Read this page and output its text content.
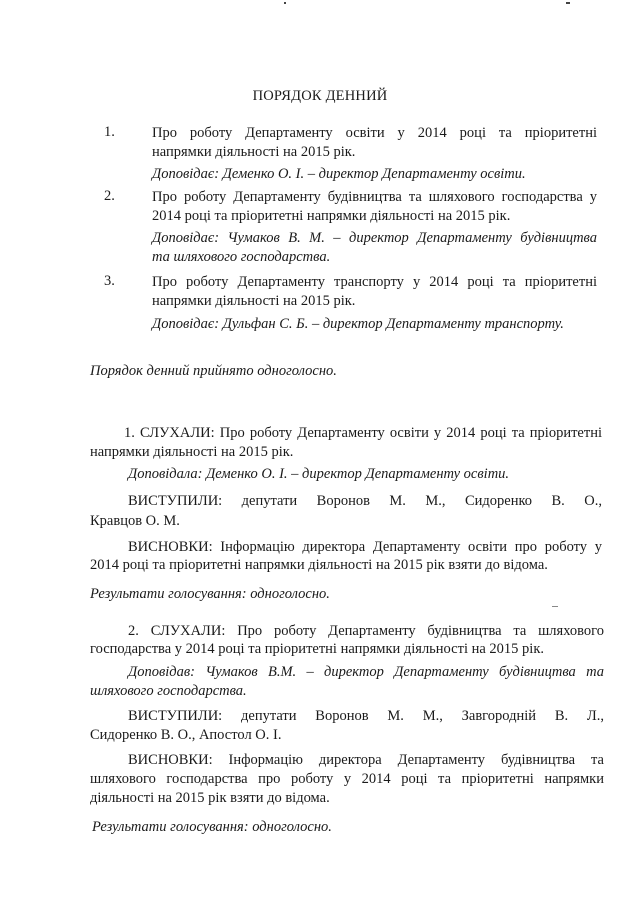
ПОРЯДОК ДЕННИЙ
1.	Про роботу Департаменту освіти у 2014 році та пріоритетні
напрямки діяльності на 2015 рік.
Доповідає: Деменко О. І. – директор Департаменту освіти.
2.	Про роботу Департаменту будівництва та шляхового господарства у
2014 році та пріоритетні напрямки діяльності на 2015 рік.
Доповідає: Чумаков В. М. – директор Департаменту будівництва
та шляхового господарства.
3.	Про роботу Департаменту транспорту у 2014 році та пріоритетні
напрямки діяльності на 2015 рік.
Доповідає: Дульфан С. Б. – директор Департаменту транспорту.
Порядок денний прийнято одноголосно.
1. СЛУХАЛИ: Про роботу Департаменту освіти у 2014 році та пріоритетні
напрямки діяльності на 2015 рік.
Доповідала: Деменко О. І. – директор Департаменту освіти.
ВИСТУПИЛИ: депутати Воронов М. М., Сидоренко В. О.,
Кравцов О. М.
ВИСНОВКИ: Інформацію директора Департаменту освіти про роботу у
2014 році та пріоритетні напрямки діяльності на 2015 рік взяти до відома.
Результати голосування: одноголосно.
2. СЛУХАЛИ: Про роботу Департаменту будівництва та шляхового
господарства у 2014 році та пріоритетні напрямки діяльності на 2015 рік.
Доповідав: Чумаков В.М. – директор Департаменту будівництва та
шляхового господарства.
ВИСТУПИЛИ: депутати Воронов М. М., Завгородній В. Л.,
Сидоренко В. О., Апостол О. І.
ВИСНОВКИ: Інформацію директора Департаменту будівництва та
шляхового господарства про роботу у 2014 році та пріоритетні напрямки
діяльності на 2015 рік взяти до відома.
Результати голосування: одноголосно.
